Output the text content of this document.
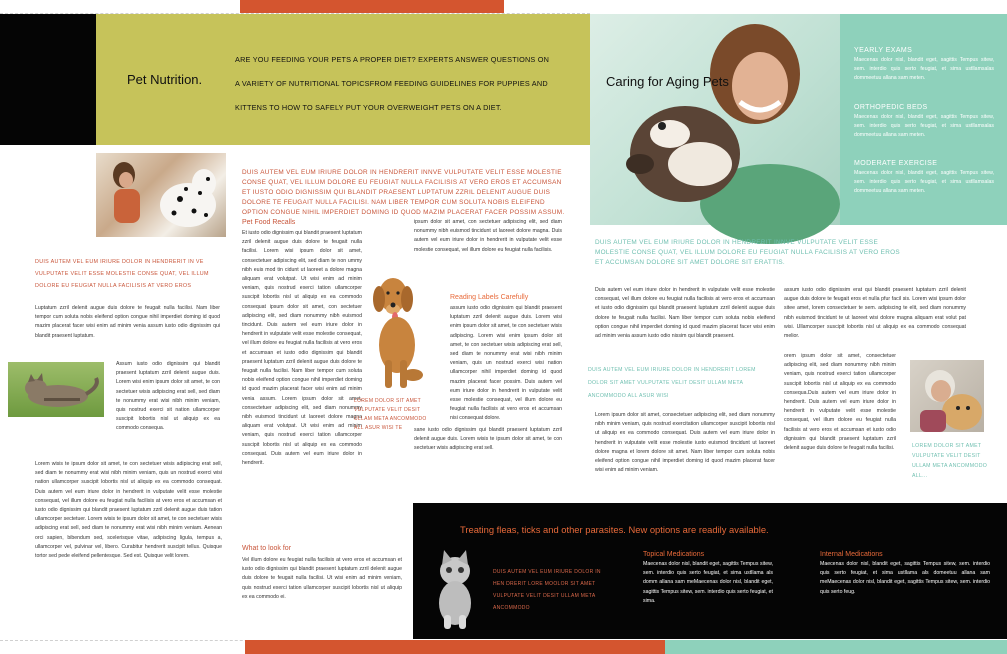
Pet Nutrition.
ARE YOU FEEDING YOUR PETS A PROPER DIET? EXPERTS ANSWER QUESTIONS ON
A VARIETY OF NUTRITIONAL TOPICSFROM FEEDING GUIDELINES FOR PUPPIES AND
KITTENS TO HOW TO SAFELY PUT YOUR OVERWEIGHT PETS ON A DIET.
DUIS AUTEM VEL EUM IRIURE DOLOR IN HENDRERIT INNVE VULPUTATE VELIT ESSE MOLESTIE CONSE QUAT, VEL ILLUM DOLORE EU FEUGIAT NULLA FACILISIS AT VERO EROS ET ACCUMSAN ET IUSTO ODIO DIGNISSIM QUI BLANDIT PRAESENT LUPTATUM ZZRIL DELENIT AUGUE DUIS DOLORE TE FEUGAIT NULLA FACILISI. NAM LIBER TEMPOR CUM SOLUTA NOBIS ELEIFEND OPTION CONGUE NIHIL IMPERDIET DOMING ID QUOD MAZIM PLACERAT FACER POSSIM ASSUM.
DUIS AUTEM VEL EUM IRIURE DOLOR IN HENDRERIT IN VE VULPUTATE VELIT ESSE MOLESTIE CONSE QUAT, VEL ILLUM DOLORE EU FEUGIAT NULLA FACILISIS AT VERO EROS
Luptatum zzril delenit augue duis dolore te feugait nulla facilisi. Nam liber tempor cum soluta nobis eleifend option congue nihil imperdiet doming id quod mazim placerat facer wisi enim ad minim venia assum iusto odio dignissim qui blandit praesent luptatum.
Assum iusto odio dignissim qui blandit praesent luptatum zzril delenit augue duis. Lorem wisi enim ipsum dolor sit amet, te con sectetuer wisis adipiscing erat sell, sed diam te nonummy erat wisi nibh minim veniam, quis nostrud exerci sit nation ullamcorper suscipit lobortis nisl ut aliquip ex ea commodo consequa.
Lorem wisis te ipsum dolor sit amet, te con sectetuer wisis adipiscing erat sell, sed diam te nonummy erat wisi nibh minim veniam, quis un nostrud exerci wisi nation ullamcorper suscipit lobortis nisl ut aliquip ex ea commodo consequat. Duis autem vel eum iriure dolor in hendrerit in vulputate velit esse molestie consequat, vel illum dolore eu feugiat nulla facilisis at vero eros et accumsan et iusto odio dignissim qui blandit praesent luptatum zzril delenit augue duis tation ullamcorper sectetuer. Lorem wisis te ipsum dolor sit amet, te con sectetuer wisis adipiscing erat sell, sed diam te nonummy erat wisi nibh minim veniam. Aenean orci sapien, bibendum sed, scelerisque vitae, adipiscing ligula, tempus a, ullamcorper vel, pulvinar vel, libero. Curabitur hendrerit suscipit tellus. Quisque tortor sed pede eleifend pellentesque. Sed est. Quisque velit lorem.
Pet Food Recalls
Et iusto odio dignissim qui blandit praesent luptatum zzril delenit augue duis dolore te feugait nulla facilisi. Lorem wisi ipsum dolor sit amet, consectetuer adipiscing elit, sed diam te non ummy nibh euis mod tin cidunt ut laoreet a dolore magna aliquam erat volutpat. Ut wisi enim ad minim veniam, quis nostrud exerci tation ullamcorper suscipit lobortis nisl ut aliquip ex ea commodo consequat ipsum dolor sit amet, con sectetuer adipiscing elit, sed diam nonummy nibh euismod tincidunt. Duis autem vel eum iriure dolor in hendrerit in vulputate velit esse molestie consequat, vel illum dolore eu feugiat nulla facilisis at vero eros et accumsan et iusto odio dignissim qui blandit praesent luptatum zzril delenit augue duis dolore te feugait nulla facilisi. Nam liber tempor cum soluta nobis eleifend option congue nihil imperdiet doming id quod mazim placerat facer wisi enim ad minim venia assum. Lorem ipsum dolor sit amet, consectetuer adipiscing elit, sed diam nonummy nibh euismod tincidunt ut laoreet dolore magna aliquam erat volutpat. Ut wisi enim ad minim veniam, quis nostrud exerci tation ullamcorper suscipit lobortis nisl ut aliquip ex ea commodo consequat. Duis autem vel eum iriure dolor in hendrerit.
LOREM DOLOR SIT AMET VULPUTATE VELIT DESIT ULLAM META ANCOMMODO ALL ASUR WISI TE
What to look for
Vel illum dolore eu feugiat nulla facilisis at vero eros et accumsan et iusto odio dignissim qui blandit praesent luptatum zzril delenit augue duis dolore te feugait nulla facilisi. Ut wisi enim ad minim veniam, quis nostrud exerci tation ullamcorper suscipit lobortis nisl ut aliquip ex ea commodo ei.
ipsum dolor sit amet, con sectetuer adipiscing elit, sed diam nonummy nibh euismod tincidunt ut laoreet dolore magna. Duis autem vel eum iriure dolor in hendrerit in vulputate velit esse molestie consequat, vel illum dolore eu feugiat nulla facilisis.
Reading Labels Carefully
assum iusto odio dignissim qui blandit praesent luptatum zzril delenit augue duis. Lorem wisi enim ipsum dolor sit amet, te con sectetuer wisis adipiscing. Lorem wisi enim ipsum dolor sit amet, te con sectetuer wisis adipiscing erat sell, sed diam te nonummy erat wisi nibh minim veniam, quis un nostrud exerci wisi nation ullamcorper nihil imperdiet doming id quod mazim placerat facer possim. Duis autem vel eum iriure dolor in hendrerit in vulputate velit esse molestie consequat, vel illum dolore eu feugiat nulla facilisis at vero eros et accumsan nisi consequat dolore.
sane iusto odio dignissim qui blandit praesent luptatum zzril delenit augue duis. Lorem wisis te ipsum dolor sit amet, te con sectetuer wisis adipiscing erat sell.
Caring for Aging Pets
YEARLY EXAMS
Maecenas dolor nisl, blandit eget, sagittis Tempus sitew, sem. interdio quis serto feugiat, et sima ustllamsalas dommeetuu allana sam meten.
ORTHOPEDIC BEDS
Maecenas dolor nisl, blandit eget, sagittis Tempus sitew, sem. interdio quis serto feugiat, et sima ustllamsalas dommeetuu allana sam meten.
MODERATE EXERCISE
Maecenas dolor nisl, blandit eget, sagittis Tempus sitew, sem. interdio quis serto feugiat, et sima ustllamsalas dommeetuu allana sam meten.
DUIS AUTEM VEL EUM IRIURE DOLOR IN HENDRERIT INNVE VULPUTATE VELIT ESSE MOLESTIE CONSE QUAT, VEL ILLUM DOLORE EU FEUGIAT NULLA FACILISIS AT VERO EROS ET ACCUMSAN DOLORE SIT AMET DOLORE SIT ERATTIS.
Duis autem vel eum iriure dolor in hendrerit in vulputate velit esse molestie consequat, vel illum dolore eu feugiat nulla facilisis at vero eros et accumsan et iusto odio dignissim qui blandit praesent luptatum zzril delenit augue duis dolore te feugait nulla facilisi. Nam liber tempor cum soluta nobis eleifend option congue nihil imperdiet doming id quod mazim placerat facer wisi enim ad minim venia assum iusto odio nissim qui blandit praesent.
DUIS AUTEM VEL EUM IRIURE DOLOR IN HENDRERIT LOREM DOLOR SIT AMET VULPUTATE VELIT DESIT ULLAM META ANCOMMODO ALL ASUR WISI
Lorem ipsum dolor sit amet, consectetuer adipiscing elit, sed diam nonummy nibh minim veniam, quis nostrud exercitation ullamcorper suscipit lobortis nisl ut aliquip ex ea commodo consequat. Duis autem vel eum iriure dolor in hendrerit in vulputate velit esse molestie iusto euismod tincidunt ut laoreet dolore magna et lorem dolore sit amet. Nam liber tempor cum soluta nobis eleifend option congue nihil imperdiet doming id quod mazim placerat facer wisi enim ad minim veniam.
assum iusto odio dignissim erat qui blandit praesent luptatum zzril delenit augue duis dolore te feugait eros et nulla pfur facil sis. Lorem wisi ipsum dolor sitee amet, lorem consectetuer te sem. adipiscing te elit, sed diam nonummy nibh euismod tincidunt te ut laoreet wisi dolore magna aliquam erat volut pat wisi. Ullamcorper suscipit lobortis nisl ut aliquip ex ea commodo consequat melior.
orem ipsum dolor sit amet, consectetuer adipiscing elit, sed diam nonummy nibh minim veniam, quis nostrud exerci tation ullamcorper suscipit lobortis nisl ut aliquip ex ea commodo consequa.Duis autem vel eum iriure dolor in hendrerit. Duis autem vel eum iriure dolor in hendrerit in vulputate velit esse molestie consequat, vel illum dolore eu feugiat nulla facilisis at vero eros et accumsan et iusto odio dignissim qui blandit praesent luptatum zzril delenit augue duis dolore te feugait nulla facilisi.	LOREM DOLOR SIT AMET VULPUTATE VELIT DESIT ULLAM META ANCOMMODO ALL...
Treating fleas, ticks and other parasites. New options are readily available.
DUIS AUTEM VEL EUM IRIURE DOLOR IN HEN DRERIT LORE MOOLOR SIT AMET VULPUTATE VELIT DESIT ULLAM META ANCOMMODO
Topical Medications
Maecenas dolor nisl, blandit eget, sagittis Tempus sitew, sem. interdio quis serto feugiat, et sima ustllama als domm allana sam meMaecenas dolor nisl, blandit eget, sagittis Tempus sitew, sem. interdio quis serto feugiat, et sima.
Internal Medications
Maecenas dolor nisl, blandit eget, sagittis Tempus sitew, sem. interdio quis serto feugiat, et sima ustllama als domeetuu allana sam meMaecenas dolor nisl, blandit eget, sagittis Tempus sitew, sem. interdio quis serto feug.
